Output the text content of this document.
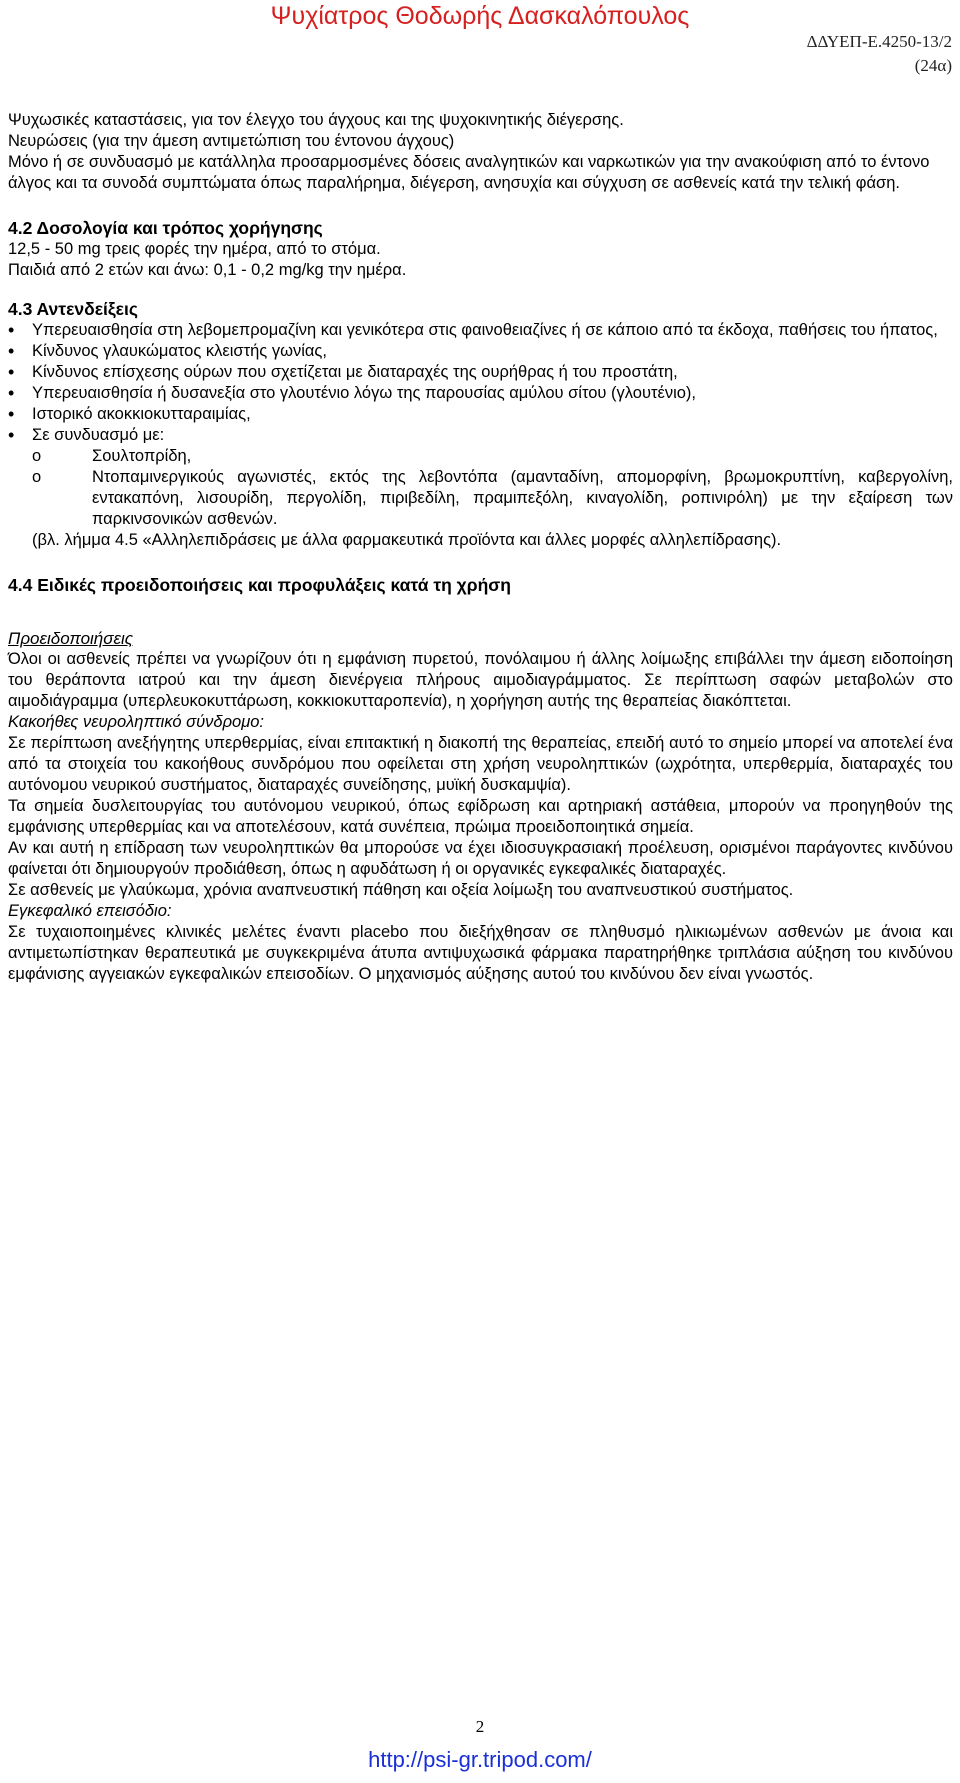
Ψυχίατρος Θοδωρής Δασκαλόπουλος
ΔΔΥΕΠ-Ε.4250-13/2
(24α)

Ψυχωσικές καταστάσεις, για τον έλεγχο του άγχους και της ψυχοκινητικής διέγερσης.

Νευρώσεις (για την άμεση αντιμετώπιση του έντονου άγχους)

Μόνο ή σε συνδυασμό με κατάλληλα προσαρμοσμένες δόσεις αναλγητικών και ναρκωτικών για την ανακούφιση από το έντονο άλγος και τα συνοδά συμπτώματα όπως παραλήρημα, διέγερση, ανησυχία και σύγχυση σε ασθενείς κατά την τελική φάση.

4.2 Δοσολογία και τρόπος χορήγησης

12,5 - 50 mg τρεις φορές την ημέρα, από το στόμα.

Παιδιά από 2 ετών και άνω: 0,1 - 0,2 mg/kg την ημέρα.

4.3 Αντενδείξεις
• Υπερευαισθησία στη λεβομεπρομαζίνη και γενικότερα στις φαινοθειαζίνες ή σε κάποιο από τα έκδοχα, παθήσεις του ήπατος,
• Κίνδυνος γλαυκώματος κλειστής γωνίας,
• Κίνδυνος επίσχεσης ούρων που σχετίζεται με διαταραχές της ουρήθρας ή του προστάτη,
• Υπερευαισθησία ή δυσανεξία στο γλουτένιο λόγω της παρουσίας αμύλου σίτου (γλουτένιο),
• Ιστορικό ακοκκιοκυτταραιμίας,
• Σε συνδυασμό με:
o	Σουλτοπρίδη,
o	Ντοπαμινεργικούς αγωνιστές, εκτός της λεβοντόπα (αμανταδίνη, απομορφίνη, βρωμοκρυπτίνη, καβεργολίνη, εντακαπόνη, λισουρίδη, περγολίδη, πιριβεδίλη, πραμιπεξόλη, κιναγολίδη, ροπινιρόλη) με την εξαίρεση των παρκινσονικών ασθενών.

(βλ. λήμμα 4.5 «Αλληλεπιδράσεις με άλλα φαρμακευτικά προϊόντα και άλλες μορφές αλληλεπίδρασης).

4.4 Ειδικές προειδοποιήσεις και προφυλάξεις κατά τη χρήση
Προειδοποιήσεις

Όλοι οι ασθενείς πρέπει να γνωρίζουν ότι η εμφάνιση πυρετού, πονόλαιμου ή άλλης λοίμωξης επιβάλλει την άμεση ειδοποίηση του θεράποντα ιατρού και την άμεση διενέργεια πλήρους αιμοδιαγράμματος. Σε περίπτωση σαφών μεταβολών στο αιμοδιάγραμμα (υπερλευκοκυττάρωση, κοκκιοκυτταροπενία), η χορήγηση αυτής της θεραπείας διακόπτεται.

Κακοήθες νευροληπτικό σύνδρομο:

Σε περίπτωση ανεξήγητης υπερθερμίας, είναι επιτακτική η διακοπή της θεραπείας, επειδή αυτό το σημείο μπορεί να αποτελεί ένα από τα στοιχεία του κακοήθους συνδρόμου που οφείλεται στη χρήση νευροληπτικών (ωχρότητα, υπερθερμία, διαταραχές του αυτόνομου νευρικού συστήματος, διαταραχές συνείδησης, μυϊκή δυσκαμψία).

Τα σημεία δυσλειτουργίας του αυτόνομου νευρικού, όπως εφίδρωση και αρτηριακή αστάθεια, μπορούν να προηγηθούν της εμφάνισης υπερθερμίας και να αποτελέσουν, κατά συνέπεια, πρώιμα προειδοποιητικά σημεία.

Αν και αυτή η επίδραση των νευροληπτικών θα μπορούσε να έχει ιδιοσυγκρασιακή προέλευση, ορισμένοι παράγοντες κινδύνου φαίνεται ότι δημιουργούν προδιάθεση, όπως η αφυδάτωση ή οι οργανικές εγκεφαλικές διαταραχές.

Σε ασθενείς με γλαύκωμα, χρόνια αναπνευστική πάθηση και οξεία λοίμωξη του αναπνευστικού συστήματος.

Εγκεφαλικό επεισόδιο:

Σε τυχαιοποιημένες κλινικές μελέτες έναντι placebo που διεξήχθησαν σε πληθυσμό ηλικιωμένων ασθενών με άνοια και αντιμετωπίστηκαν θεραπευτικά με συγκεκριμένα άτυπα αντιψυχωσικά φάρμακα παρατηρήθηκε τριπλάσια αύξηση του κινδύνου εμφάνισης αγγειακών εγκεφαλικών επεισοδίων. Ο μηχανισμός αύξησης αυτού του κινδύνου δεν είναι γνωστός.

2
http://psi-gr.tripod.com/
